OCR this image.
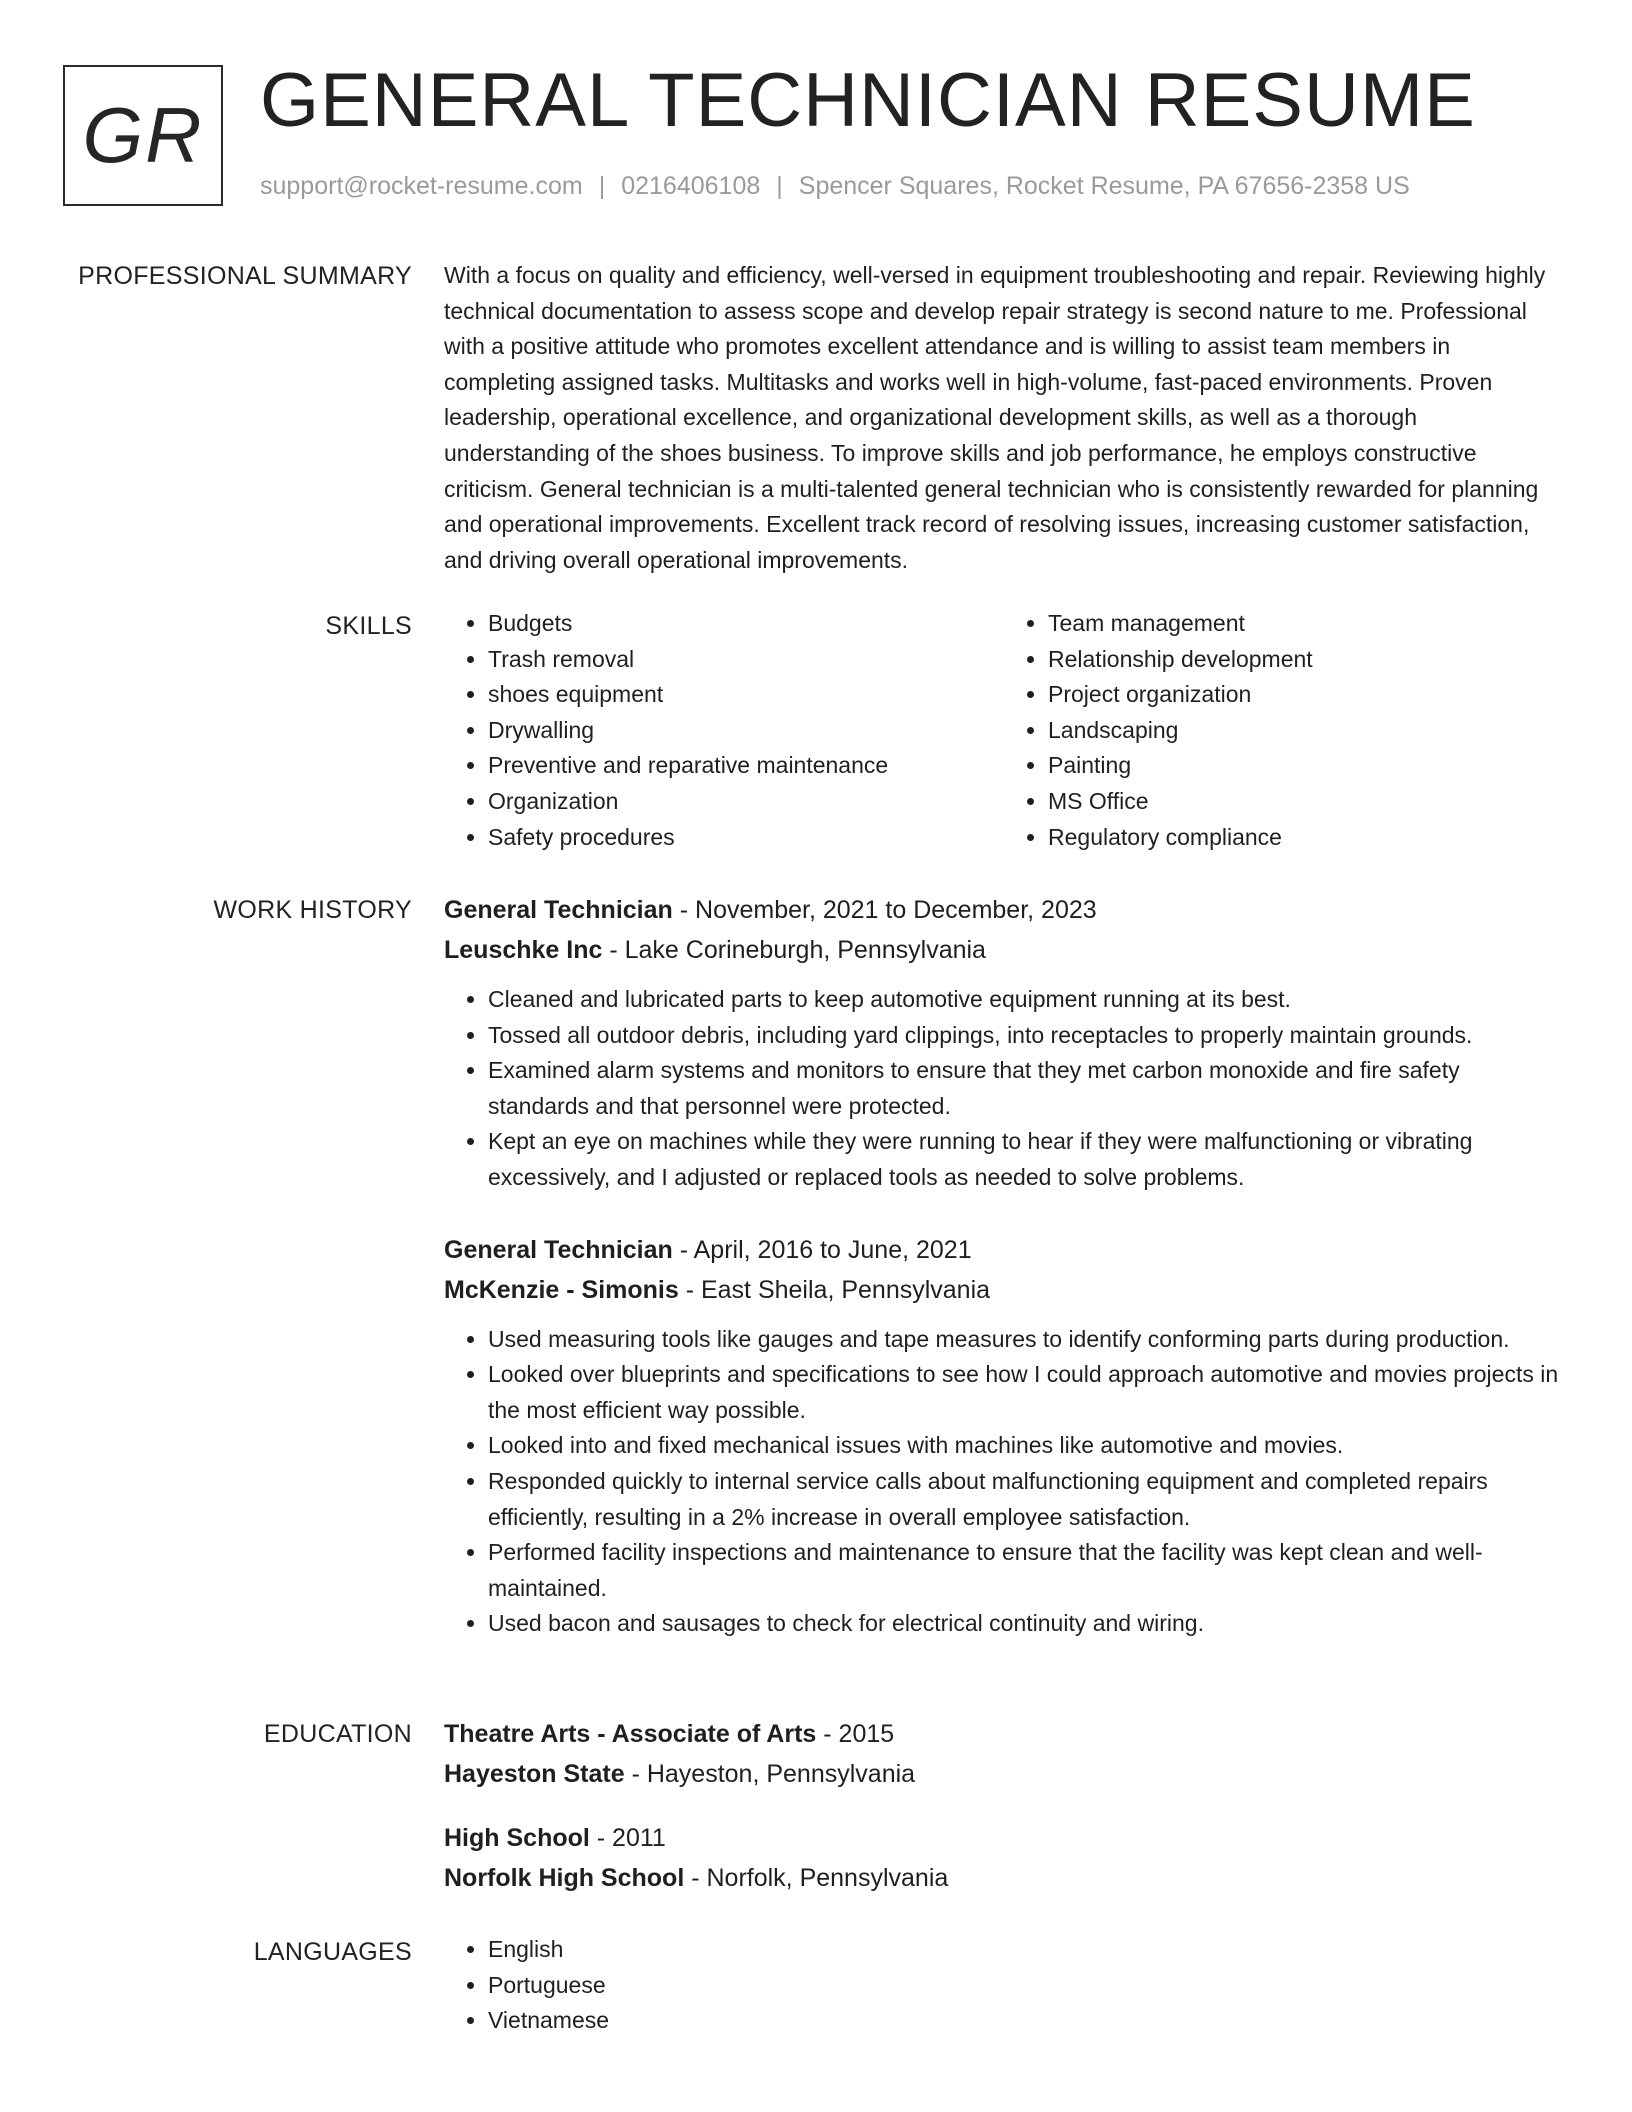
GR GENERAL TECHNICIAN RESUME
support@rocket-resume.com | 0216406108 | Spencer Squares, Rocket Resume, PA 67656-2358 US
PROFESSIONAL SUMMARY With a focus on quality and efficiency, well-versed in equipment troubleshooting and repair. Reviewing highly technical documentation to assess scope and develop repair strategy is second nature to me. Professional with a positive attitude who promotes excellent attendance and is willing to assist team members in completing assigned tasks. Multitasks and works well in high-volume, fast-paced environments. Proven leadership, operational excellence, and organizational development skills, as well as a thorough understanding of the shoes business. To improve skills and job performance, he employs constructive criticism. General technician is a multi-talented general technician who is consistently rewarded for planning and operational improvements. Excellent track record of resolving issues, increasing customer satisfaction, and driving overall operational improvements.
SKILLS	• Budgets
• Trash removal
• shoes equipment
• Drywalling
• Preventive and reparative maintenance
• Organization
• Safety procedures
• Team management
• Relationship development
• Project organization
• Landscaping
• Painting
• MS Office
• Regulatory compliance
WORK HISTORY General Technician - November, 2021 to December, 2023
Leuschke Inc - Lake Corineburgh, Pennsylvania
• Cleaned and lubricated parts to keep automotive equipment running at its best.
• Tossed all outdoor debris, including yard clippings, into receptacles to properly maintain grounds.
• Examined alarm systems and monitors to ensure that they met carbon monoxide and fire safety standards and that personnel were protected.
• Kept an eye on machines while they were running to hear if they were malfunctioning or vibrating excessively, and I adjusted or replaced tools as needed to solve problems.
General Technician - April, 2016 to June, 2021
McKenzie - Simonis - East Sheila, Pennsylvania
• Used measuring tools like gauges and tape measures to identify conforming parts during production.
• Looked over blueprints and specifications to see how I could approach automotive and movies projects in the most efficient way possible.
• Looked into and fixed mechanical issues with machines like automotive and movies.
• Responded quickly to internal service calls about malfunctioning equipment and completed repairs efficiently, resulting in a 2% increase in overall employee satisfaction.
• Performed facility inspections and maintenance to ensure that the facility was kept clean and well-maintained.
• Used bacon and sausages to check for electrical continuity and wiring.
EDUCATION Theatre Arts - Associate of Arts - 2015
Hayeston State - Hayeston, Pennsylvania
High School - 2011
Norfolk High School - Norfolk, Pennsylvania
LANGUAGES	• English
• Portuguese
• Vietnamese
